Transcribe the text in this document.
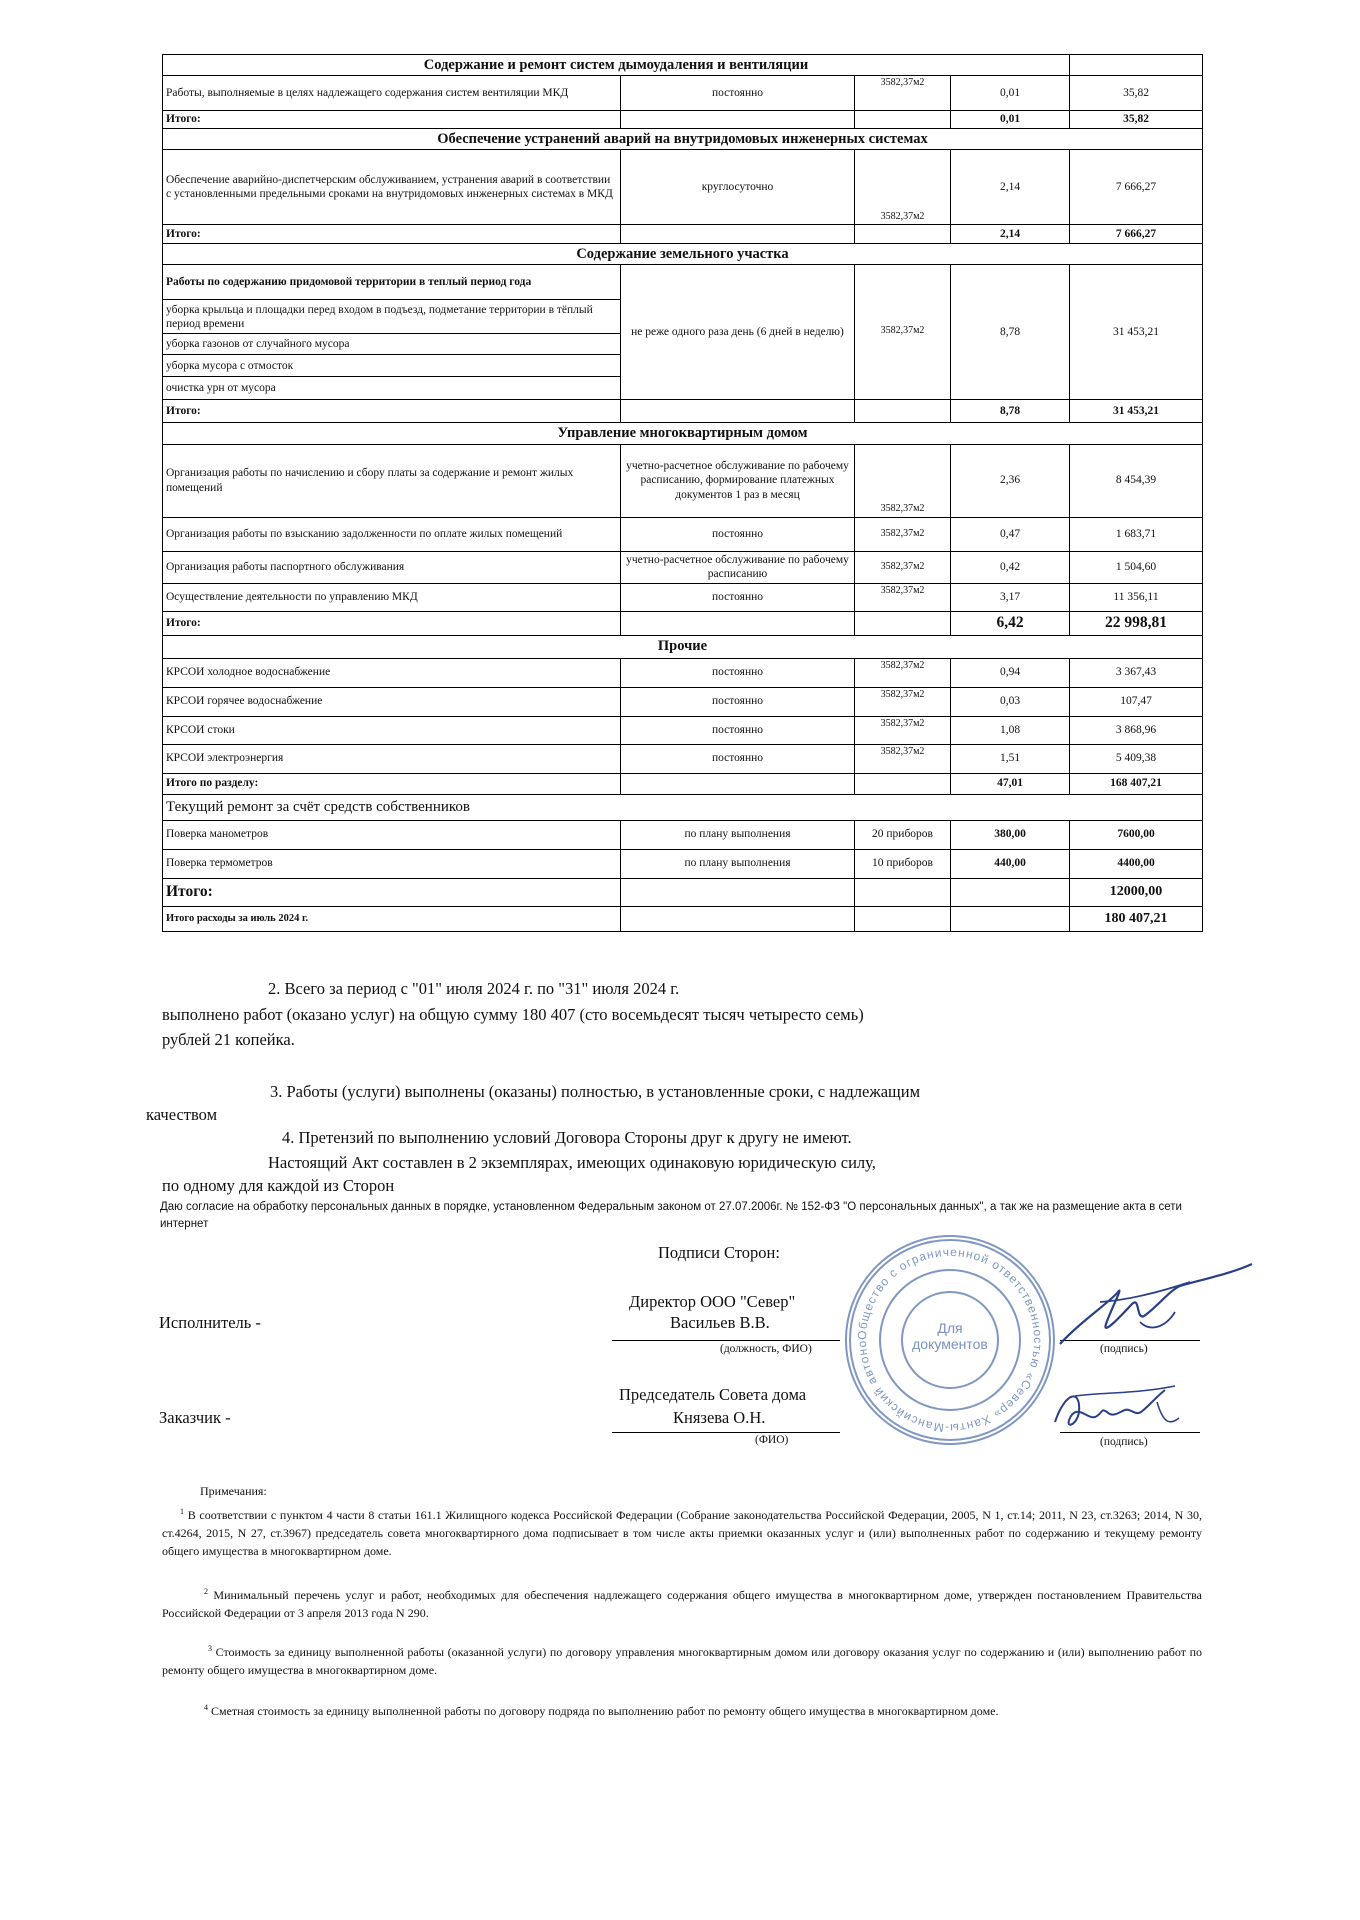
Содержание и ремонт систем дымоудаления и вентиляции				
Работы, выполняемые в целях надлежащего содержания систем вентиляции МКД	постоянно	3582,37м2	0,01	35,82
Итого:			0,01	35,82
Обеспечение устранений аварий на внутридомовых инженерных системах				
Обеспечение аварийно-диспетчерским обслуживанием, устранения аварий в соответствии с установленными предельными сроками на внутридомовых инженерных системах в МКД	круглосуточно	3582,37м2	2,14	7 666,27
Итого:			2,14	7 666,27
Содержание земельного участка				
Работы по содержанию придомовой территории в теплый период года	не реже одного раза день (6 дней в неделю)	3582,37м2	8,78	31 453,21
уборка крыльца и площадки перед входом в подъезд, подметание территории в тёплый период времени				
уборка газонов от случайного мусора				
уборка мусора с отмосток				
очистка урн от мусора				
Итого:			8,78	31 453,21
Управление многоквартирным домом				
Организация работы по начислению и сбору платы за содержание и ремонт жилых помещений	учетно-расчетное обслуживание по рабочему расписанию, формирование платежных документов 1 раз в месяц	3582,37м2	2,36	8 454,39
Организация работы по взысканию задолженности по оплате жилых помещений	постоянно	3582,37м2	0,47	1 683,71
Организация работы паспортного обслуживания	учетно-расчетное обслуживание по рабочему расписанию	3582,37м2	0,42	1 504,60
Осуществление деятельности по управлению МКД	постоянно	3582,37м2	3,17	11 356,11
Итого:			6,42	22 998,81
Прочие				
КРСОИ холодное водоснабжение	постоянно	3582,37м2	0,94	3 367,43
КРСОИ горячее водоснабжение	постоянно	3582,37м2	0,03	107,47
КРСОИ стоки	постоянно	3582,37м2	1,08	3 868,96
КРСОИ электроэнергия	постоянно	3582,37м2	1,51	5 409,38
Итого по разделу:			47,01	168 407,21
Текущий ремонт за счёт средств собственников				
Поверка манометров	по плану выполнения	20 приборов	380,00	7600,00
Поверка термометров	по плану выполнения	10 приборов	440,00	4400,00
Итого:				12000,00
Итого расходы за июль 2024 г.				180 407,21
2. Всего за период с "01" июля 2024 г. по "31" июля 2024 г.
выполнено работ (оказано услуг) на общую сумму 180 407 (сто восемьдесят тысяч четыресто семь)
рублей 21 копейка.
3. Работы (услуги) выполнены (оказаны) полностью, в установленные сроки, с надлежащим
качеством
4. Претензий по выполнению условий Договора Стороны друг к другу не имеют.
Настоящий Акт составлен в 2 экземплярах, имеющих одинаковую юридическую силу,
по одному для каждой из Сторон
Даю согласие на обработку персональных данных в порядке, установленном Федеральным законом от 27.07.2006г. № 152-ФЗ "О персональных данных", а так же на размещение акта в сети интернет
Подписи Сторон:
Директор ООО "Север"
Исполнитель -	Васильев В.В.
(должность, ФИО)	(подпись)
Председатель Совета дома
Заказчик -	Князева О.Н.
(ФИО)	(подпись)
Общество с ограниченной ответственностью «Север» Ханты-Мансийский автономный округ ОГРН 1058603052558 ИНН 8603051546
Для документов
Примечания:
$^1$ В соответствии с пунктом 4 части 8 статьи 161.1 Жилищного кодекса Российской Федерации (Собрание законодательства Российской Федерации, 2005, N 1, ст.14; 2011, N 23, ст.3263; 2014, N 30, ст.4264, 2015, N 27, ст.3967) председатель совета многоквартирного дома подписывает в том числе акты приемки оказанных услуг и (или) выполненных работ по содержанию и текущему ремонту общего имущества в многоквартирном доме.
$^2$ Минимальный перечень услуг и работ, необходимых для обеспечения надлежащего содержания общего имущества в многоквартирном доме, утвержден постановлением Правительства Российской Федерации от 3 апреля 2013 года N 290.
$^3$ Стоимость за единицу выполненной работы (оказанной услуги) по договору управления многоквартирным домом или договору оказания услуг по содержанию и (или) выполнению работ по ремонту общего имущества в многоквартирном доме.
$^4$ Сметная стоимость за единицу выполненной работы по договору подряда по выполнению работ по ремонту общего имущества в многоквартирном доме.
